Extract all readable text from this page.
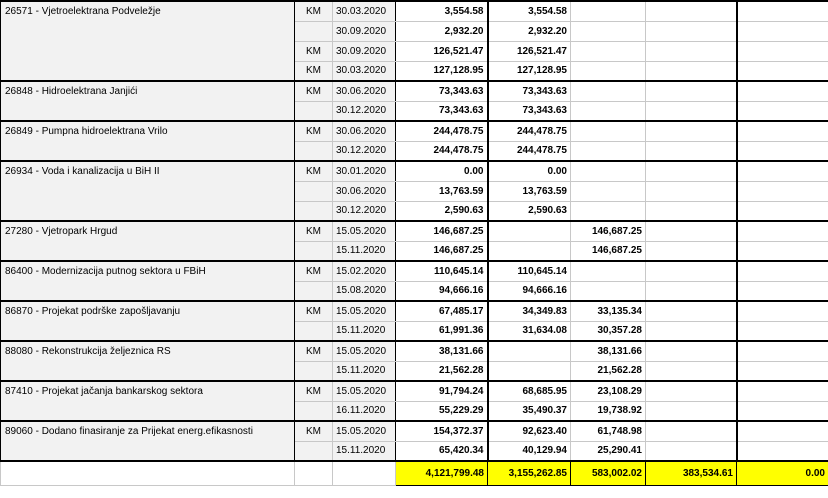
26571 - Vjetroelektrana Podveležje	KM	30.03.2020	3,554.58	3,554.58			
		30.09.2020	2,932.20	2,932.20			
	KM	30.09.2020	126,521.47	126,521.47			
	KM	30.03.2020	127,128.95	127,128.95			
26848 - Hidroelektrana Janjići	KM	30.06.2020	73,343.63	73,343.63			
		30.12.2020	73,343.63	73,343.63			
26849 - Pumpna hidroelektrana Vrilo	KM	30.06.2020	244,478.75	244,478.75			
		30.12.2020	244,478.75	244,478.75			
26934 - Voda i kanalizacija u BiH II	KM	30.01.2020	0.00	0.00			
		30.06.2020	13,763.59	13,763.59			
		30.12.2020	2,590.63	2,590.63			
27280 - Vjetropark Hrgud	KM	15.05.2020	146,687.25		146,687.25		
		15.11.2020	146,687.25		146,687.25		
86400 - Modernizacija putnog sektora u FBiH	KM	15.02.2020	110,645.14	110,645.14			
		15.08.2020	94,666.16	94,666.16			
86870 - Projekat podrške zapošljavanju	KM	15.05.2020	67,485.17	34,349.83	33,135.34		
		15.11.2020	61,991.36	31,634.08	30,357.28		
88080 - Rekonstrukcija željeznica RS	KM	15.05.2020	38,131.66		38,131.66		
		15.11.2020	21,562.28		21,562.28		
87410 - Projekat jačanja bankarskog sektora	KM	15.05.2020	91,794.24	68,685.95	23,108.29		
		16.11.2020	55,229.29	35,490.37	19,738.92		
89060 - Dodano finasiranje za Prijekat energ.efikasnosti	KM	15.05.2020	154,372.37	92,623.40	61,748.98		
		15.11.2020	65,420.34	40,129.94	25,290.41		
			4,121,799.48	3,155,262.85	583,002.02	383,534.61	0.00
